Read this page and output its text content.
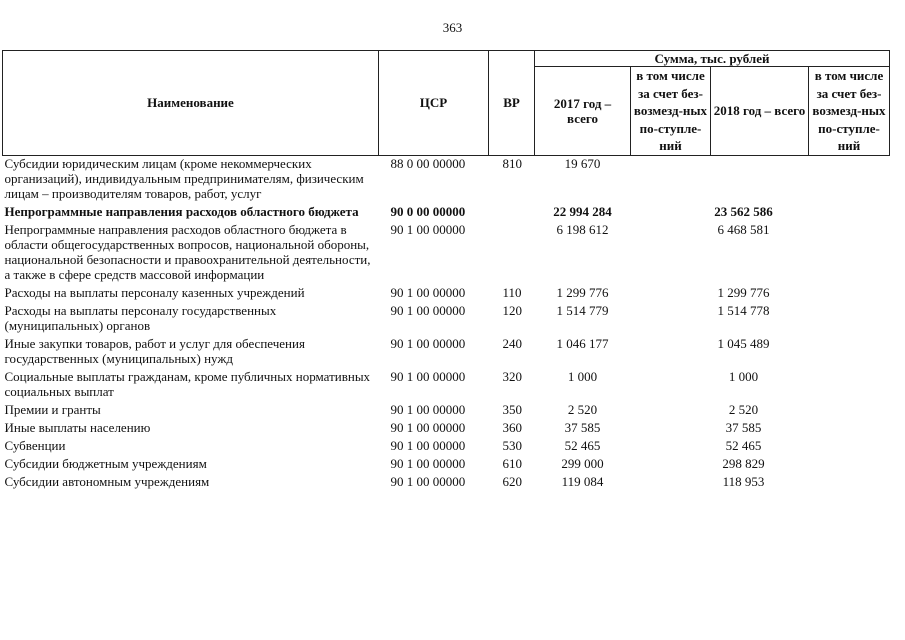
363
Наименование	ЦСР	ВР	Сумма, тыс. рублей			
			2017 год – всего	в том числе за счет без-возмезд-ных по-ступле-ний	2018 год – всего	в том числе за счет без-возмезд-ных по-ступле-ний
Субсидии юридическим лицам (кроме некоммерческих организаций), индивидуальным предпринимателям, физическим лицам – производителям товаров, работ, услуг	88 0 00 00000	810	19 670			
Непрограммные направления расходов областного бюджета	90 0 00 00000		22 994 284		23 562 586	
Непрограммные направления расходов областного бюджета в области общегосударственных вопросов, национальной обороны, национальной безопасности и правоохранительной деятельности, а также в сфере средств массовой информации	90 1 00 00000		6 198 612		6 468 581	
Расходы на выплаты персоналу казенных учреждений	90 1 00 00000	110	1 299 776		1 299 776	
Расходы на выплаты персоналу государственных (муниципальных) органов	90 1 00 00000	120	1 514 779		1 514 778	
Иные закупки товаров, работ и услуг для обеспечения государственных (муниципальных) нужд	90 1 00 00000	240	1 046 177		1 045 489	
Социальные выплаты гражданам, кроме публичных нормативных социальных выплат	90 1 00 00000	320	1 000		1 000	
Премии и гранты	90 1 00 00000	350	2 520		2 520	
Иные выплаты населению	90 1 00 00000	360	37 585		37 585	
Субвенции	90 1 00 00000	530	52 465		52 465	
Субсидии бюджетным учреждениям	90 1 00 00000	610	299 000		298 829	
Субсидии автономным учреждениям	90 1 00 00000	620	119 084		118 953	
